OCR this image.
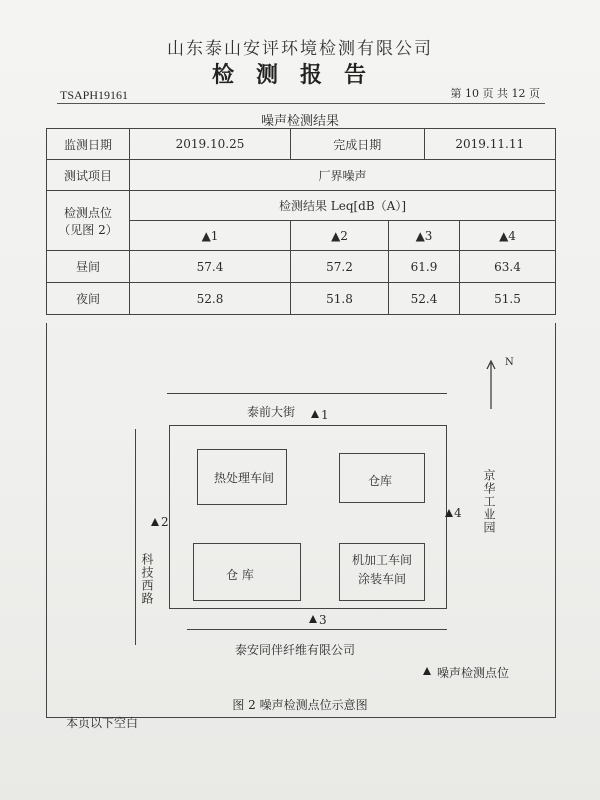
山东泰山安评环境检测有限公司
检测报告
TSAPH19161	第 10 页 共 12 页
噪声检测结果
监测日期	2019.10.25	完成日期		2019.11.11	
测试项目	厂界噪声				

检测点位
（见图 2）	检测结果 Leq[dB（A）]				
	▲1	▲2	▲3		▲4
昼间	57.4	57.2	61.9		63.4
夜间	52.8	51.8	52.4		51.5
N
泰前大街 1
科技西路
热处理车间	仓库
仓 库
机加工车间
涂装车间
2
4 京华工业园
3
泰安同伴纤维有限公司
噪声检测点位
图 2 噪声检测点位示意图
本页以下空白
